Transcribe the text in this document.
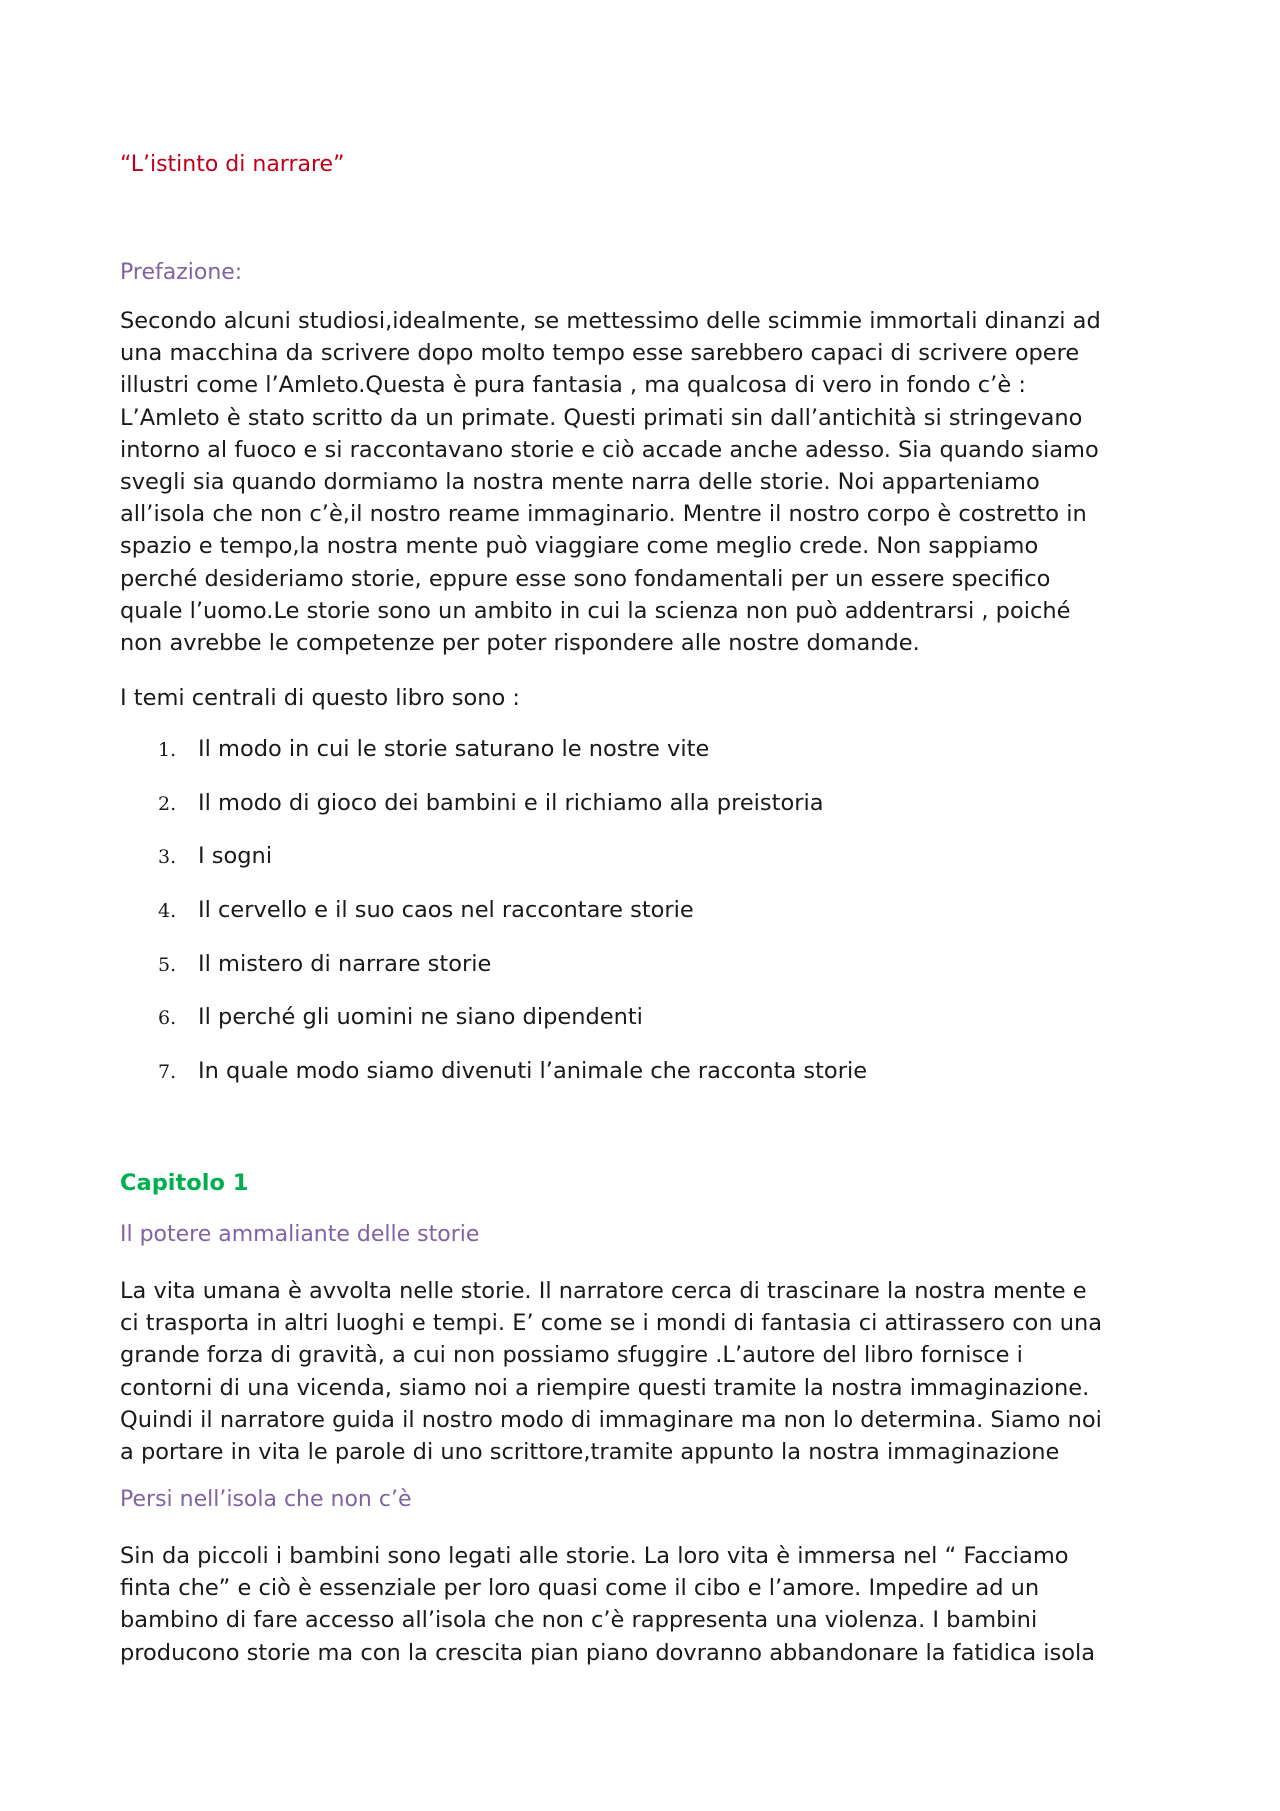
“L’istinto di narrare”
Prefazione:

Secondo alcuni studiosi,idealmente, se mettessimo delle scimmie immortali dinanzi ad
una macchina da scrivere dopo molto tempo esse sarebbero capaci di scrivere opere
illustri come l’Amleto.Questa è pura fantasia , ma qualcosa di vero in fondo c’è :
L’Amleto è stato scritto da un primate. Questi primati sin dall’antichità si stringevano
intorno al fuoco e si raccontavano storie e ciò accade anche adesso. Sia quando siamo
svegli sia quando dormiamo la nostra mente narra delle storie. Noi apparteniamo
all’isola che non c’è,il nostro reame immaginario. Mentre il nostro corpo è costretto in
spazio e tempo,la nostra mente può viaggiare come meglio crede. Non sappiamo
perché desideriamo storie, eppure esse sono fondamentali per un essere specifico
quale l’uomo.Le storie sono un ambito in cui la scienza non può addentrarsi , poiché
non avrebbe le competenze per poter rispondere alle nostre domande.

I temi centrali di questo libro sono :
1. Il modo in cui le storie saturano le nostre vite
2. Il modo di gioco dei bambini e il richiamo alla preistoria
3. I sogni
4. Il cervello e il suo caos nel raccontare storie
5. Il mistero di narrare storie
6. Il perché gli uomini ne siano dipendenti
7. In quale modo siamo divenuti l’animale che racconta storie
Capitolo 1
Il potere ammaliante delle storie

La vita umana è avvolta nelle storie. Il narratore cerca di trascinare la nostra mente e
ci trasporta in altri luoghi e tempi. E’ come se i mondi di fantasia ci attirassero con una
grande forza di gravità, a cui non possiamo sfuggire .L’autore del libro fornisce i
contorni di una vicenda, siamo noi a riempire questi tramite la nostra immaginazione.
Quindi il narratore guida il nostro modo di immaginare ma non lo determina. Siamo noi
a portare in vita le parole di uno scrittore,tramite appunto la nostra immaginazione

Persi nell’isola che non c’è

Sin da piccoli i bambini sono legati alle storie. La loro vita è immersa nel “ Facciamo
finta che” e ciò è essenziale per loro quasi come il cibo e l’amore. Impedire ad un
bambino di fare accesso all’isola che non c’è rappresenta una violenza. I bambini
producono storie ma con la crescita pian piano dovranno abbandonare la fatidica isola
